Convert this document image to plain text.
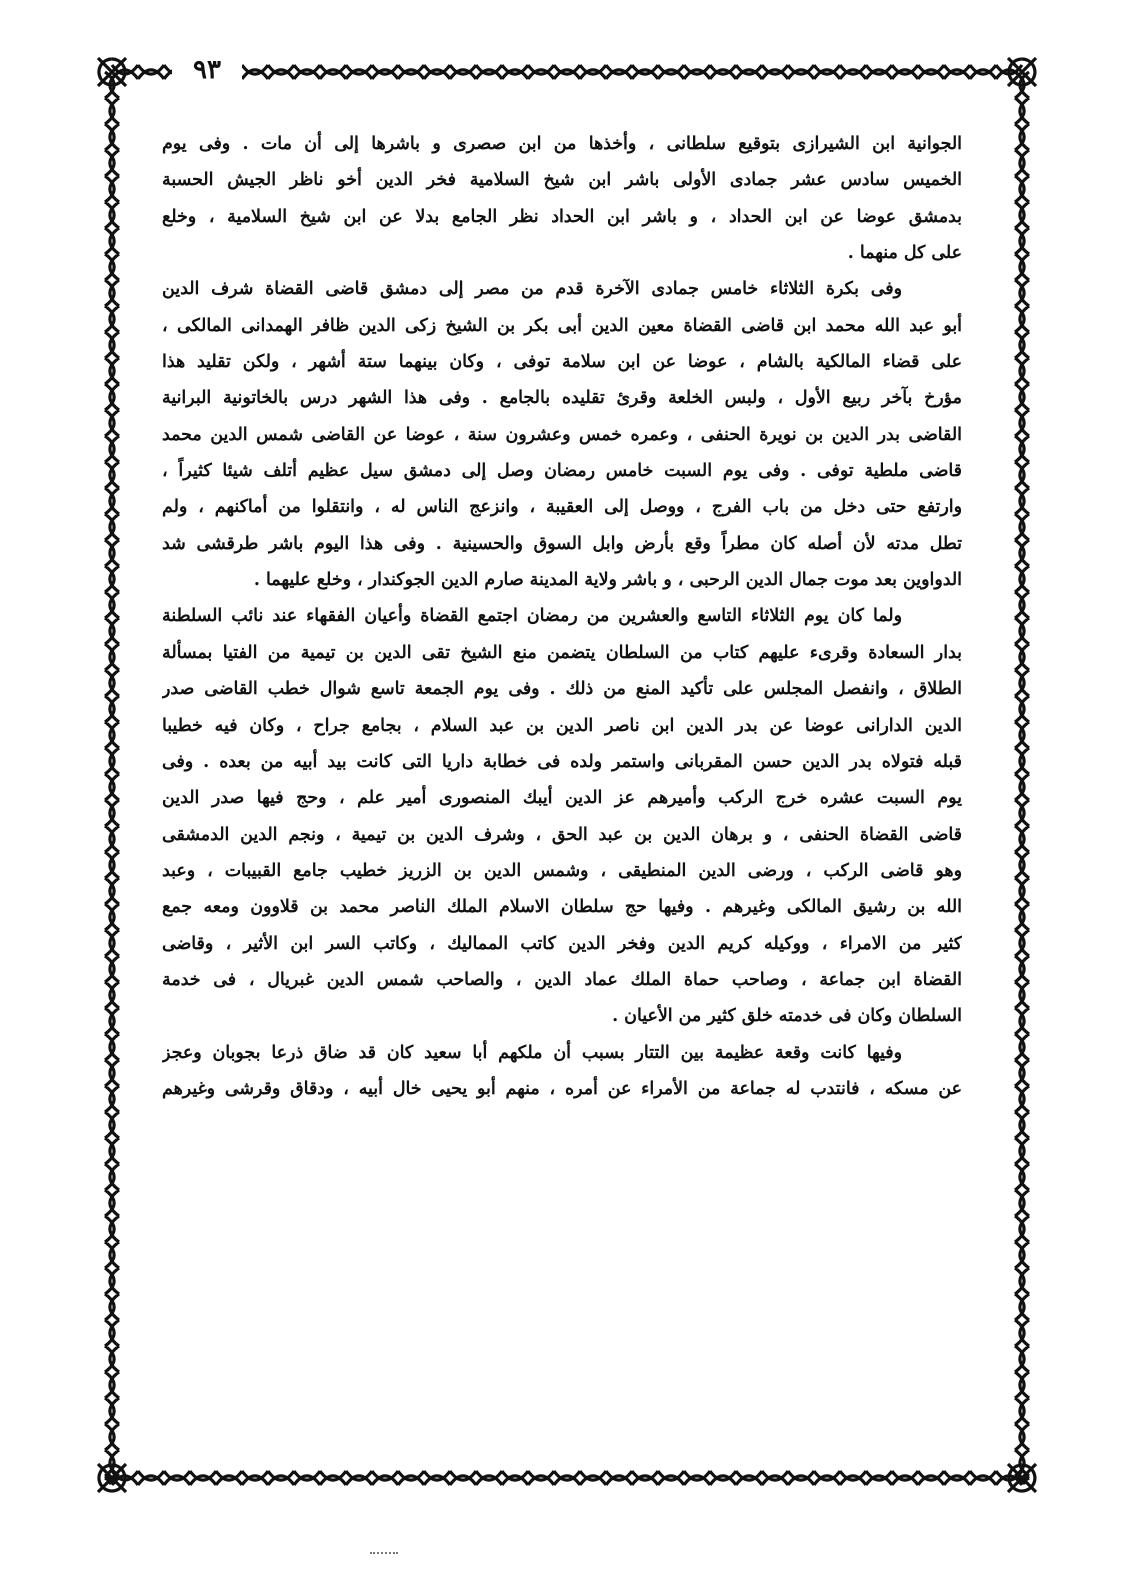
٩٣
الجوانية ابن الشيرازى بتوقيع سلطانى ، وأخذها من ابن صصرى و باشرها إلى أن مات . وفى يوم
الخميس سادس عشر جمادى الأولى باشر ابن شيخ السلامية فخر الدين أخو ناظر الجيش الحسبة
بدمشق عوضا عن ابن الحداد ، و باشر ابن الحداد نظر الجامع بدلا عن ابن شيخ السلامية ، وخلع
على كل منهما .
وفى بكرة الثلاثاء خامس جمادى الآخرة قدم من مصر إلى دمشق قاضى القضاة شرف الدين
أبو عبد الله محمد ابن قاضى القضاة معين الدين أبى بكر بن الشيخ زكى الدين ظافر الهمدانى المالكى ،
على قضاء المالكية بالشام ، عوضا عن ابن سلامة توفى ، وكان بينهما ستة أشهر ، ولكن تقليد هذا
مؤرخ بآخر ربيع الأول ، ولبس الخلعة وقرئ تقليده بالجامع . وفى هذا الشهر درس بالخاتونية البرانية
القاضى بدر الدين بن نويرة الحنفى ، وعمره خمس وعشرون سنة ، عوضا عن القاضى شمس الدين محمد
قاضى ملطية توفى . وفى يوم السبت خامس رمضان وصل إلى دمشق سيل عظيم أتلف شيئا كثيراً ،
وارتفع حتى دخل من باب الفرج ، ووصل إلى العقيبة ، وانزعج الناس له ، وانتقلوا من أماكنهم ، ولم
تطل مدته لأن أصله كان مطراً وقع بأرض وابل السوق والحسينية . وفى هذا اليوم باشر طرقشى شد
الدواوين بعد موت جمال الدين الرحبى ، و باشر ولاية المدينة صارم الدين الجوكندار ، وخلع عليهما .
ولما كان يوم الثلاثاء التاسع والعشرين من رمضان اجتمع القضاة وأعيان الفقهاء عند نائب السلطنة
بدار السعادة وقرىء عليهم كتاب من السلطان يتضمن منع الشيخ تقى الدين بن تيمية من الفتيا بمسألة
الطلاق ، وانفصل المجلس على تأكيد المنع من ذلك . وفى يوم الجمعة تاسع شوال خطب القاضى صدر
الدين الدارانى عوضا عن بدر الدين ابن ناصر الدين بن عبد السلام ، بجامع جراح ، وكان فيه خطيبا
قبله فتولاه بدر الدين حسن المقربانى واستمر ولده فى خطابة داريا التى كانت بيد أبيه من بعده . وفى
يوم السبت عشره خرج الركب وأميرهم عز الدين أيبك المنصورى أمير علم ، وحج فيها صدر الدين
قاضى القضاة الحنفى ، و برهان الدين بن عبد الحق ، وشرف الدين بن تيمية ، ونجم الدين الدمشقى
وهو قاضى الركب ، ورضى الدين المنطيقى ، وشمس الدين بن الزريز خطيب جامع القبيبات ، وعبد
الله بن رشيق المالكى وغيرهم . وفيها حج سلطان الاسلام الملك الناصر محمد بن قلاوون ومعه جمع
كثير من الامراء ، ووكيله كريم الدين وفخر الدين كاتب المماليك ، وكاتب السر ابن الأثير ، وقاضى
القضاة ابن جماعة ، وصاحب حماة الملك عماد الدين ، والصاحب شمس الدين غبريال ، فى خدمة
السلطان وكان فى خدمته خلق كثير من الأعيان .
وفيها كانت وقعة عظيمة بين التتار بسبب أن ملكهم أبا سعيد كان قد ضاق ذرعا بجوبان وعجز
عن مسكه ، فانتدب له جماعة من الأمراء عن أمره ، منهم أبو يحيى خال أبيه ، ودقاق وقرشى وغيرهم
